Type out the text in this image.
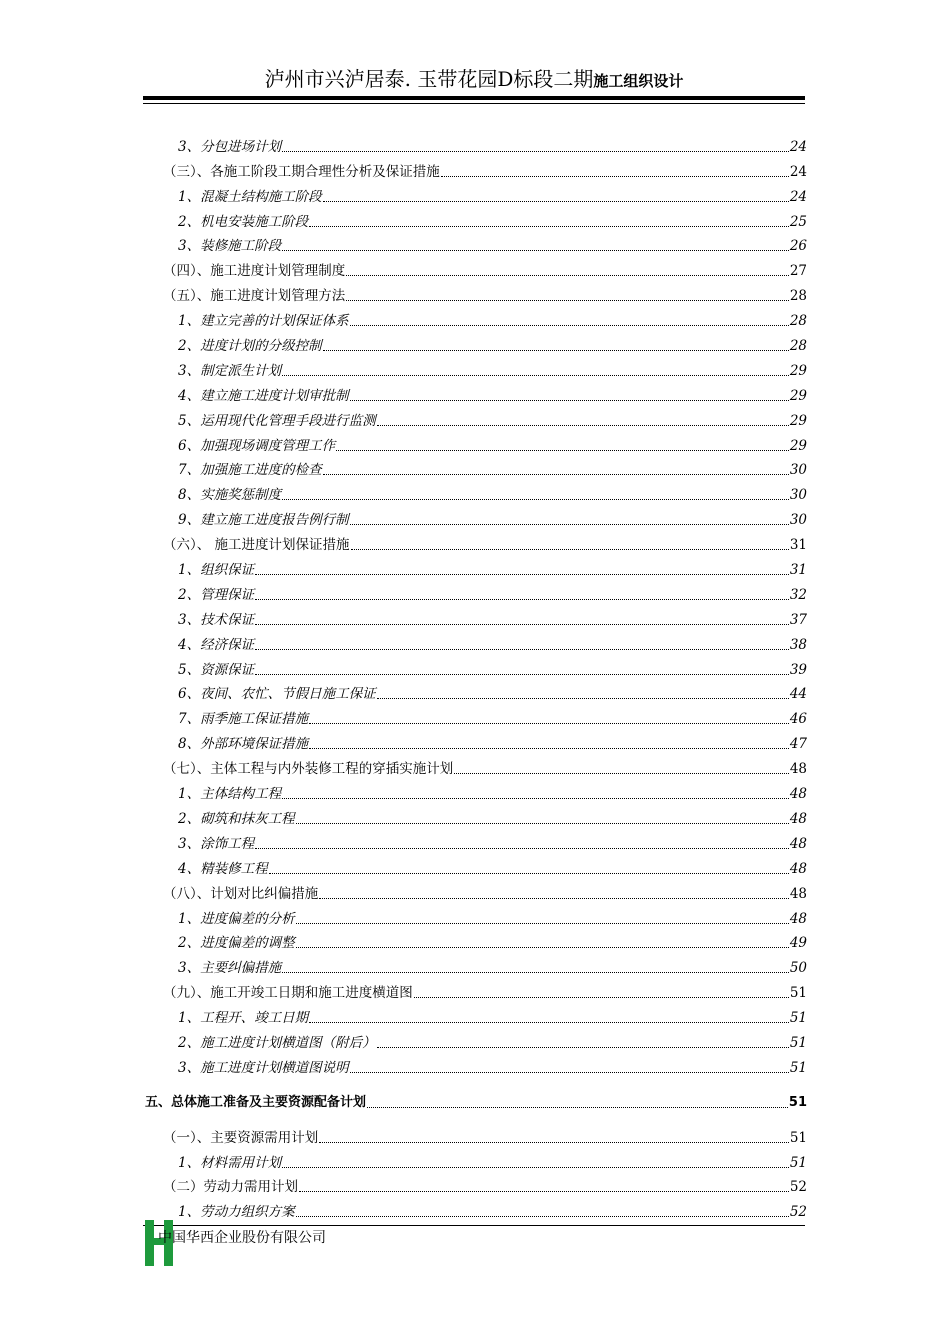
泸州市兴泸居泰. 玉带花园D标段二期施工组织设计
3、分包进场计划	24
（三）、各施工阶段工期合理性分析及保证措施	24
1、混凝土结构施工阶段	24
2、机电安装施工阶段	25
3、装修施工阶段	26
（四）、施工进度计划管理制度	27
（五）、施工进度计划管理方法	28
1、建立完善的计划保证体系	28
2、进度计划的分级控制	28
3、制定派生计划	29
4、建立施工进度计划审批制	29
5、运用现代化管理手段进行监测	29
6、加强现场调度管理工作	29
7、加强施工进度的检查	30
8、实施奖惩制度	30
9、建立施工进度报告例行制	30
（六）、 施工进度计划保证措施	31
1、组织保证	31
2、管理保证	32
3、技术保证	37
4、经济保证	38
5、资源保证	39
6、夜间、农忙、节假日施工保证	44
7、雨季施工保证措施	46
8、外部环境保证措施	47
（七）、主体工程与内外装修工程的穿插实施计划	48
1、主体结构工程	48
2、砌筑和抹灰工程	48
3、涂饰工程	48
4、精装修工程	48
（八）、计划对比纠偏措施	48
1、进度偏差的分析	48
2、进度偏差的调整	49
3、主要纠偏措施	50
（九）、施工开竣工日期和施工进度横道图	51
1、工程开、竣工日期	51
2、施工进度计划横道图（附后）	51
3、施工进度计划横道图说明	51
五、总体施工准备及主要资源配备计划	51
（一）、主要资源需用计划	51
1、材料需用计划	51
（二）劳动力需用计划	52
1、劳动力组织方案	52
中国华西企业股份有限公司
